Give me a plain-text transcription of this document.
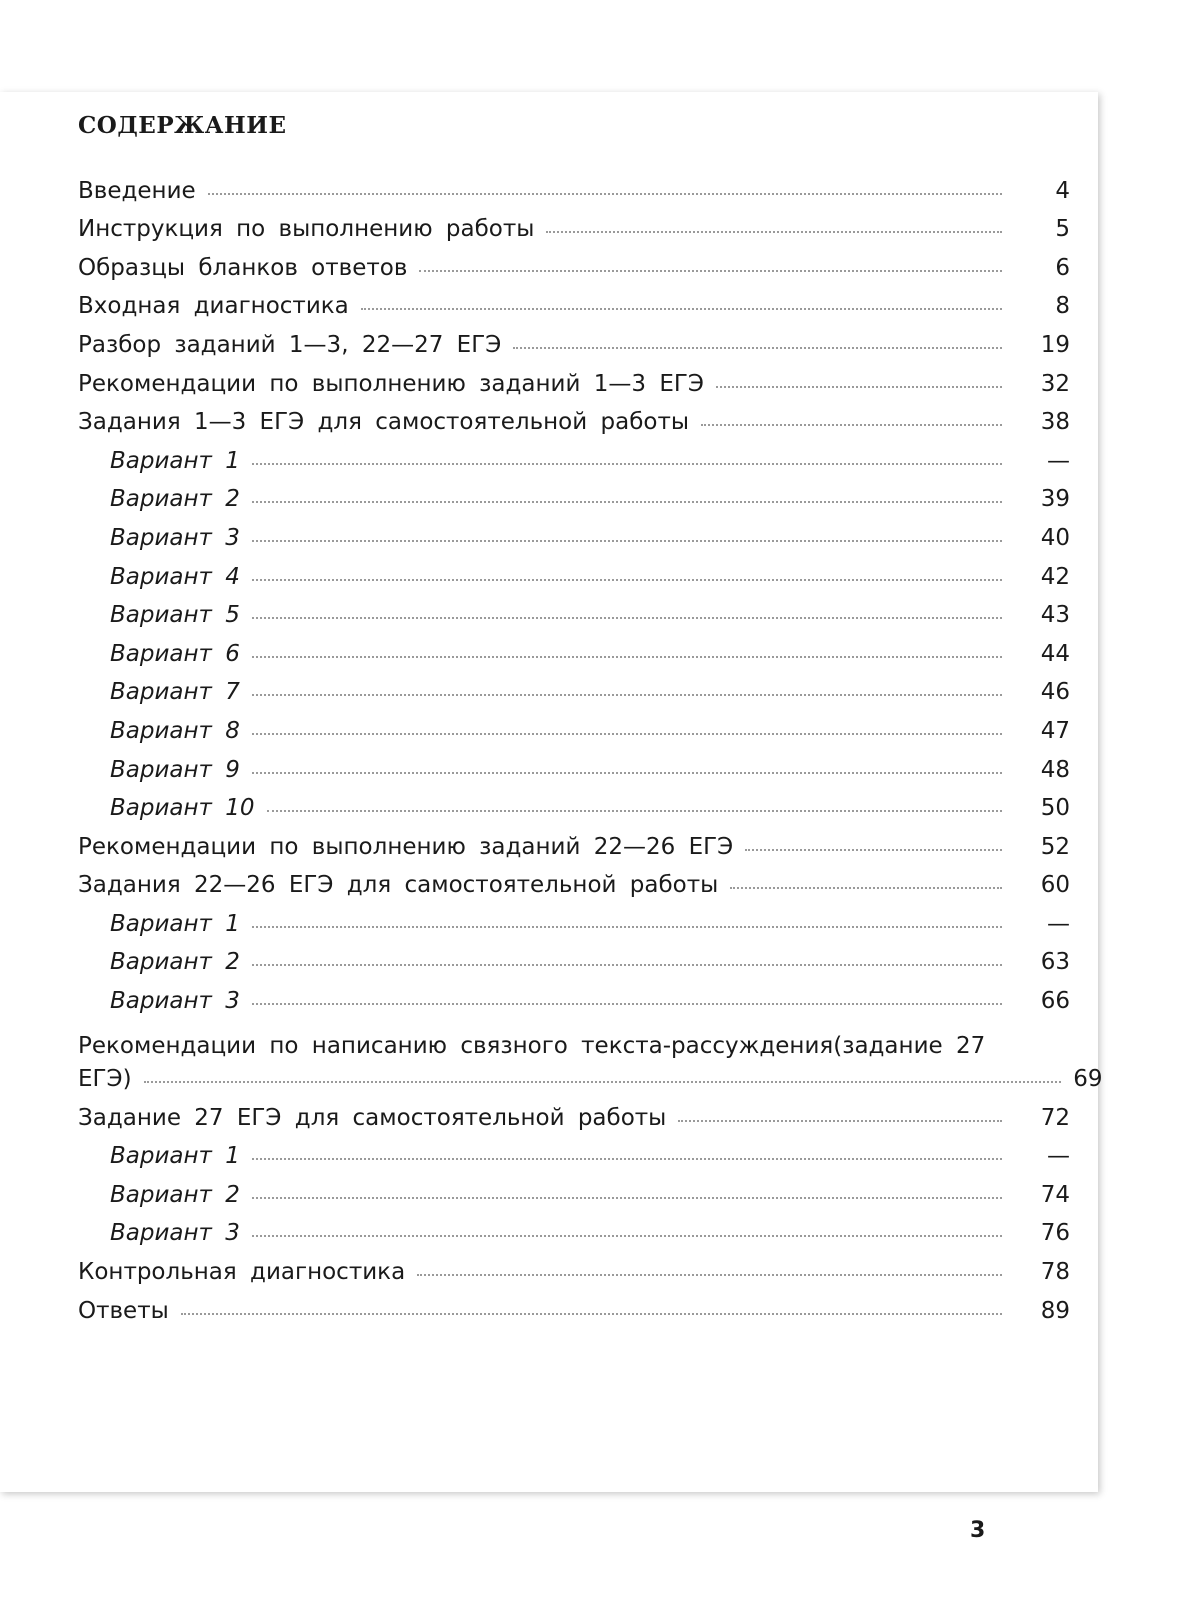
СОДЕРЖАНИЕ
Введение	4
Инструкция по выполнению работы	5
Образцы бланков ответов	6
Входная диагностика	8
Разбор заданий 1—3, 22—27 ЕГЭ	19
Рекомендации по выполнению заданий 1—3 ЕГЭ	32
Задания 1—3 ЕГЭ для самостоятельной работы	38
Вариант 1	—
Вариант 2	39
Вариант 3	40
Вариант 4	42
Вариант 5	43
Вариант 6	44
Вариант 7	46
Вариант 8	47
Вариант 9	48
Вариант 10	50
Рекомендации по выполнению заданий 22—26 ЕГЭ	52
Задания 22—26 ЕГЭ для самостоятельной работы	60
Вариант 1	—
Вариант 2	63
Вариант 3	66
Рекомендации по написанию связного текста-рассуждения (задание 27
ЕГЭ)	69
Задание 27 ЕГЭ для самостоятельной работы	72
Вариант 1	—
Вариант 2	74
Вариант 3	76
Контрольная диагностика	78
Ответы	89
3
